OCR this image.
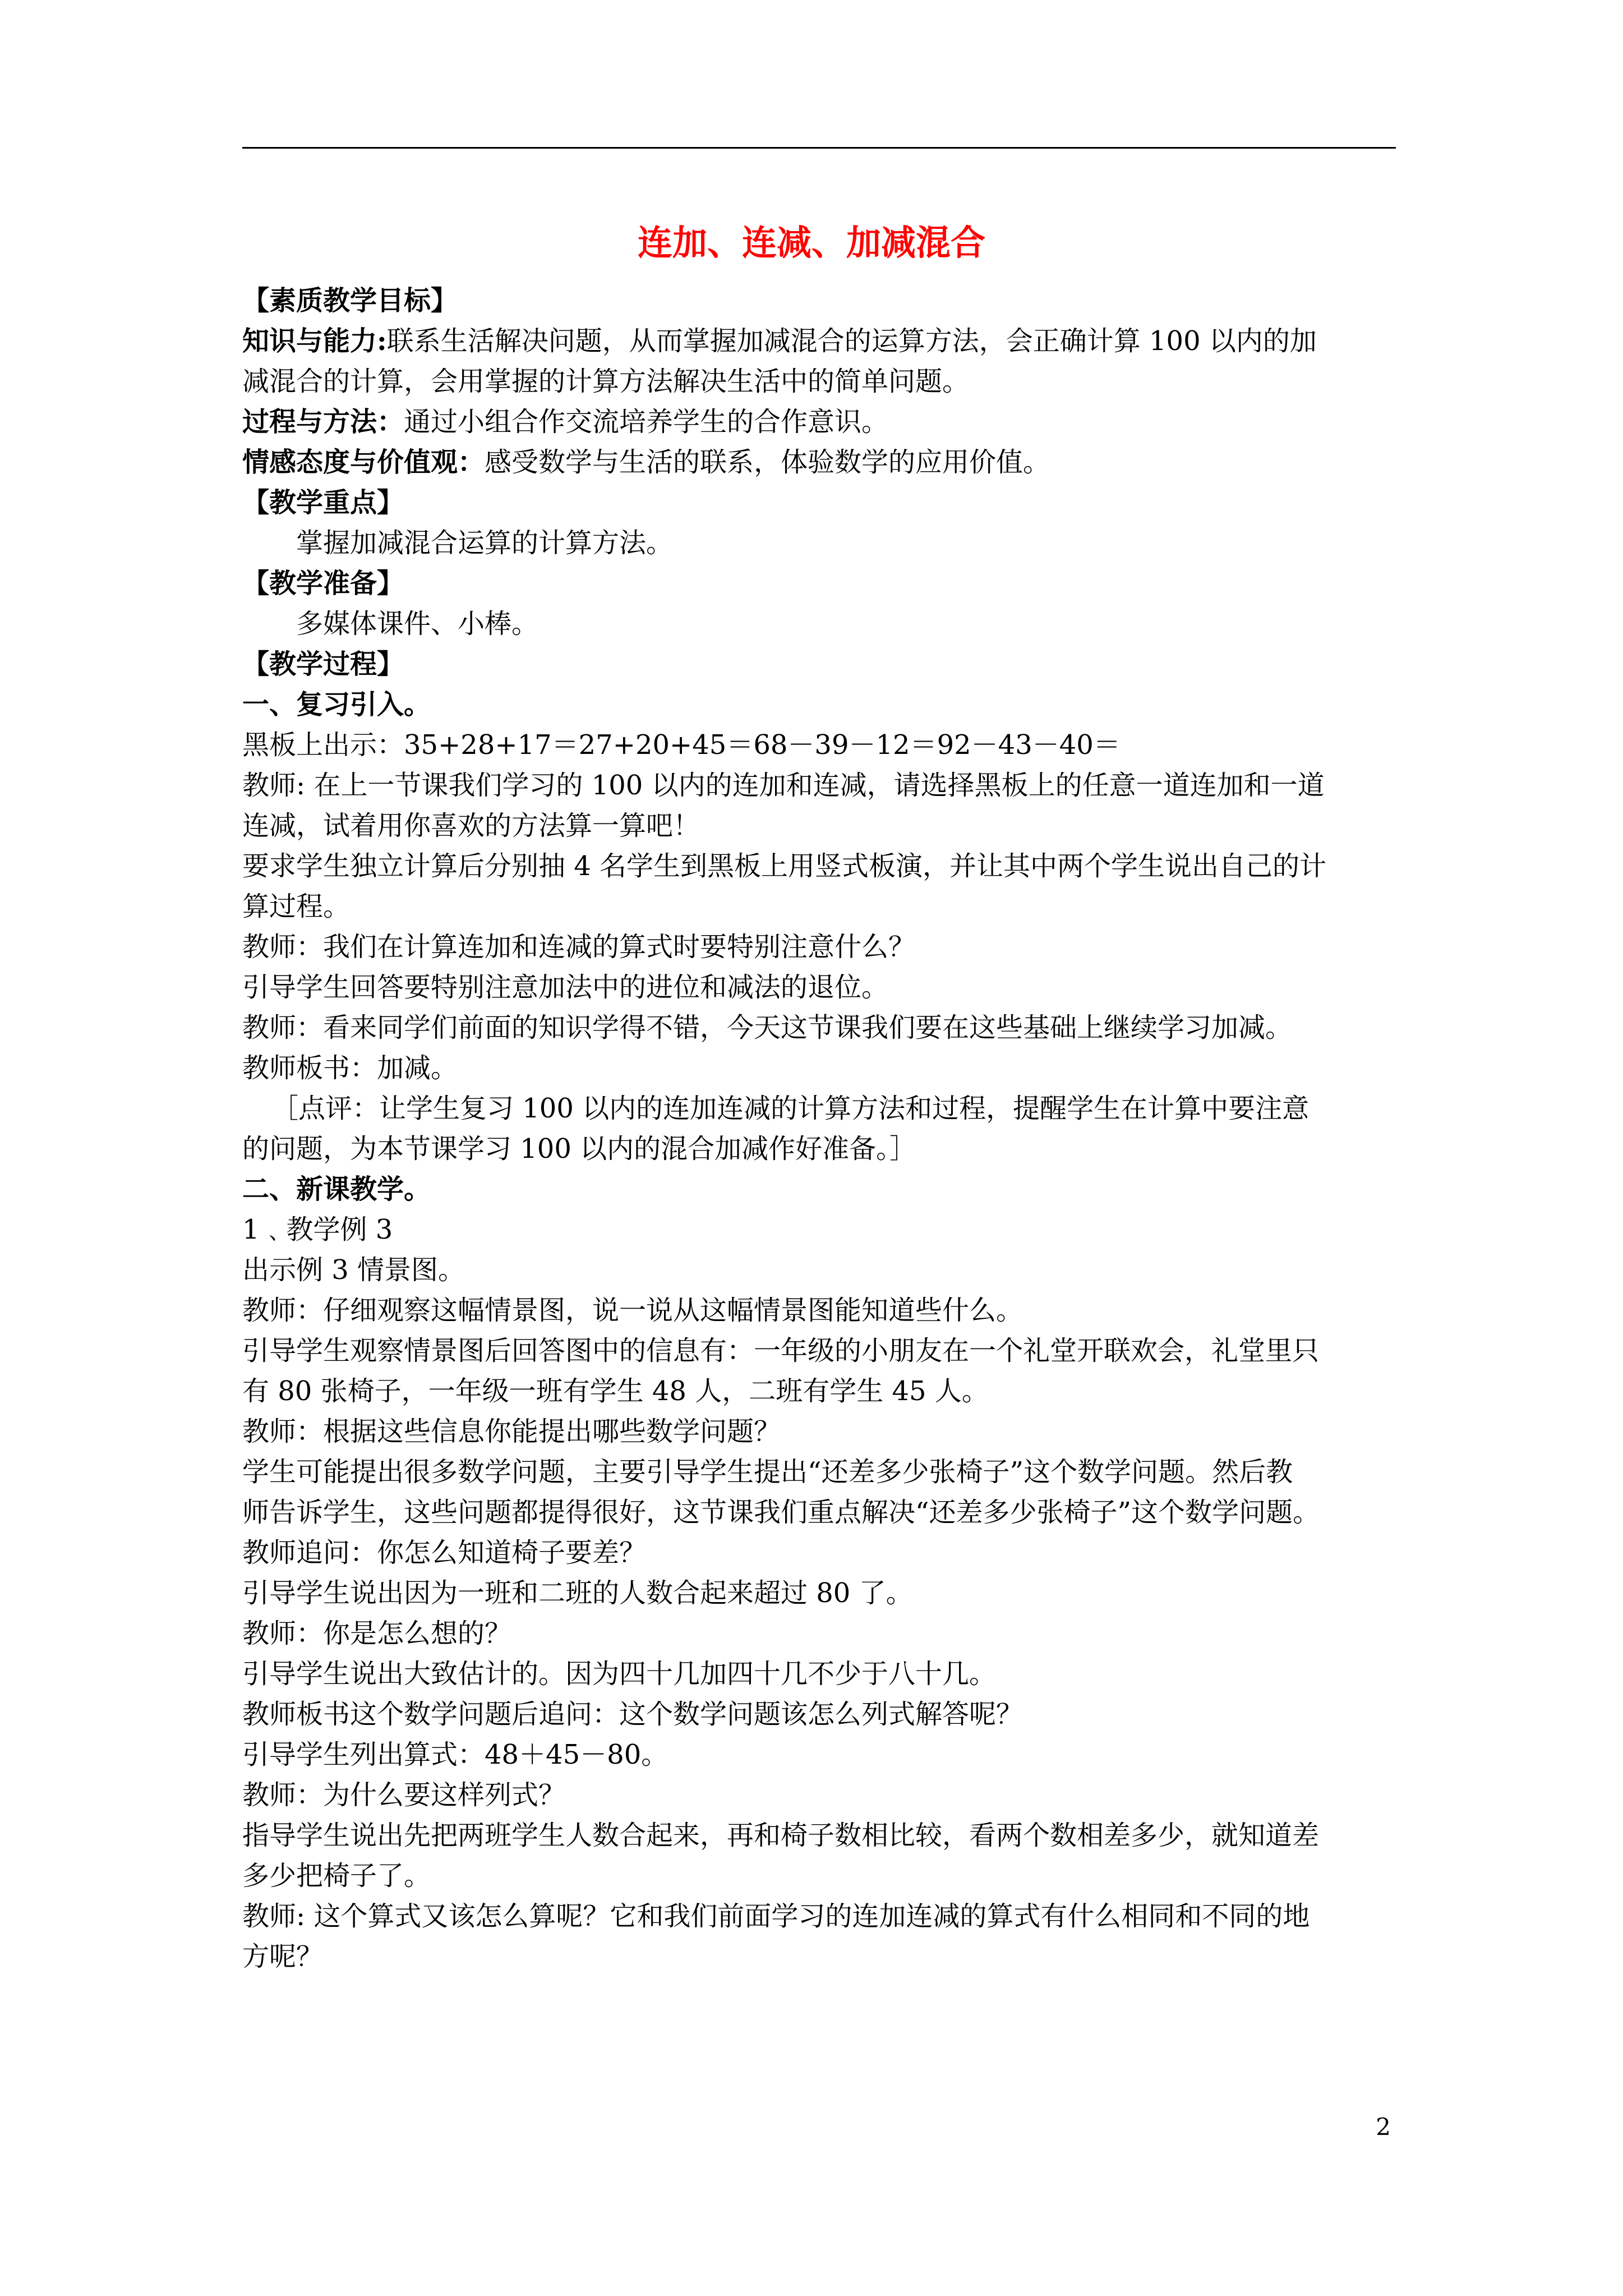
连加、连减、加减混合
【素质教学目标】
知识与能力:联系生活解决问题，从而掌握加减混合的运算方法，会正确计算 100 以内的加
减混合的计算，会用掌握的计算方法解决生活中的简单问题。
过程与方法：通过小组合作交流培养学生的合作意识。
情感态度与价值观：感受数学与生活的联系，体验数学的应用价值。
【教学重点】
掌握加减混合运算的计算方法。
【教学准备】
多媒体课件、小棒。
【教学过程】
一、复习引入。
黑板上出示：35+28+17＝27+20+45＝68－39－12＝92－43－40＝
教师: 在上一节课我们学习的 100 以内的连加和连减，请选择黑板上的任意一道连加和一道
连减，试着用你喜欢的方法算一算吧！
要求学生独立计算后分别抽 4 名学生到黑板上用竖式板演，并让其中两个学生说出自己的计
算过程。
教师：我们在计算连加和连减的算式时要特别注意什么？
引导学生回答要特别注意加法中的进位和减法的退位。
教师：看来同学们前面的知识学得不错，今天这节课我们要在这些基础上继续学习加减。
教师板书：加减。
［点评：让学生复习 100 以内的连加连减的计算方法和过程，提醒学生在计算中要注意
的问题，为本节课学习 100 以内的混合加减作好准备。］
二、新课教学。
1﹑教学例 3
出示例 3 情景图。
教师：仔细观察这幅情景图，说一说从这幅情景图能知道些什么。
引导学生观察情景图后回答图中的信息有：一年级的小朋友在一个礼堂开联欢会，礼堂里只
有 80 张椅子，一年级一班有学生 48 人，二班有学生 45 人。
教师：根据这些信息你能提出哪些数学问题？
学生可能提出很多数学问题，主要引导学生提出“还差多少张椅子”这个数学问题。然后教
师告诉学生，这些问题都提得很好，这节课我们重点解决“还差多少张椅子”这个数学问题。
教师追问：你怎么知道椅子要差？
引导学生说出因为一班和二班的人数合起来超过 80 了。
教师：你是怎么想的？
引导学生说出大致估计的。因为四十几加四十几不少于八十几。
教师板书这个数学问题后追问：这个数学问题该怎么列式解答呢？
引导学生列出算式：48＋45－80。
教师：为什么要这样列式？
指导学生说出先把两班学生人数合起来，再和椅子数相比较，看两个数相差多少，就知道差
多少把椅子了。
教师: 这个算式又该怎么算呢？它和我们前面学习的连加连减的算式有什么相同和不同的地
方呢？
2
